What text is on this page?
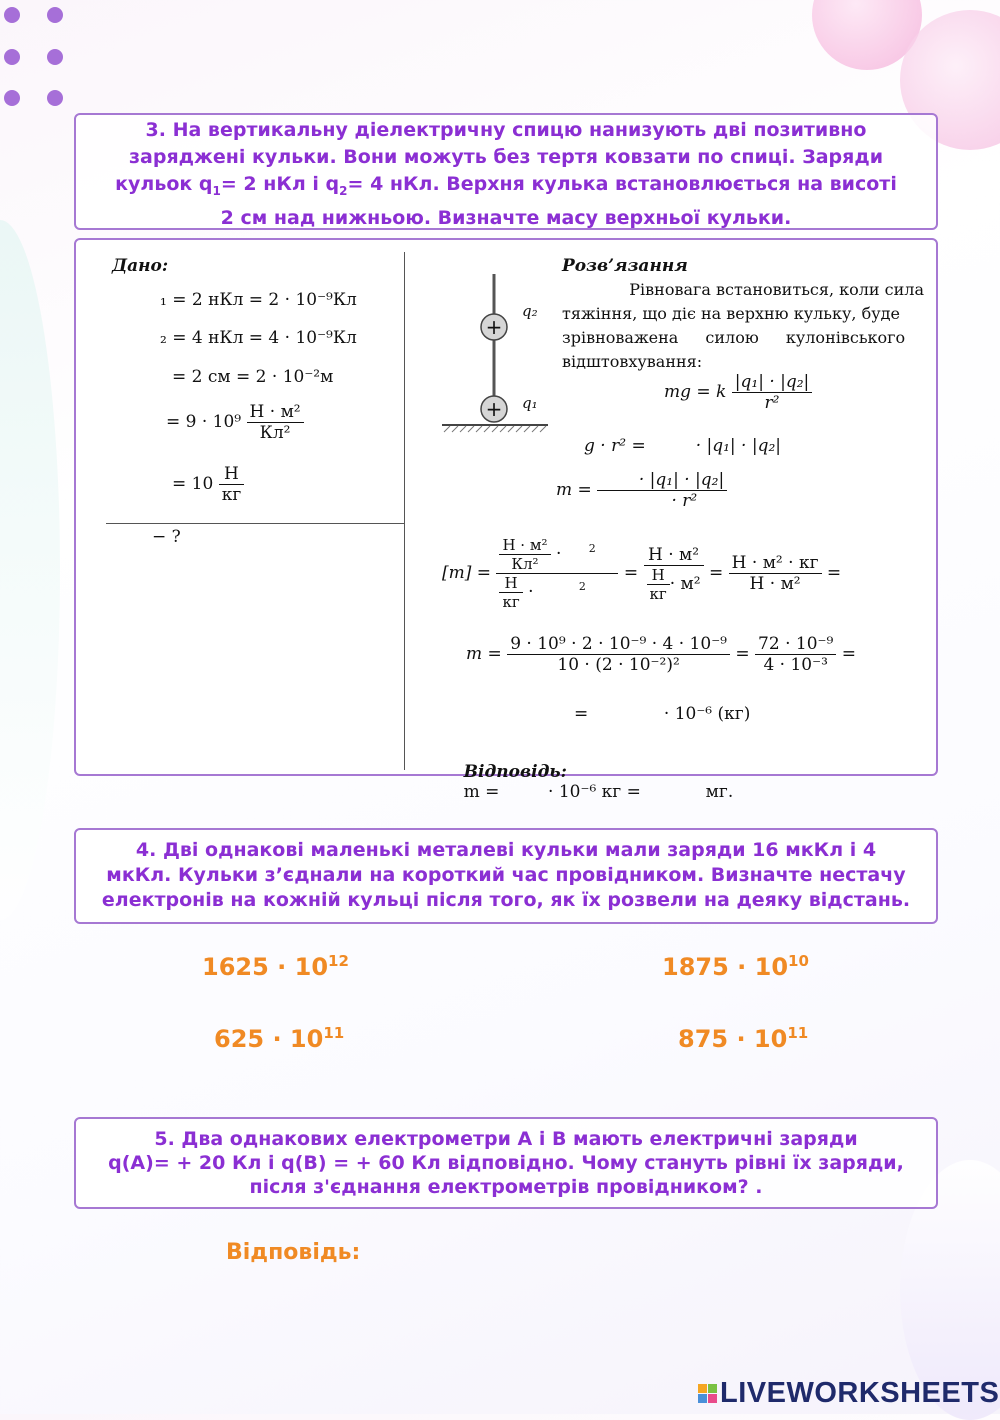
3. На вертикальну діелектричну спицю нанизують дві позитивно
заряджені кульки. Вони можуть без тертя ковзати по спиці. Заряди
кульок $q_1= 2$ нКл і $q_2= 4$ нКл. Верхня кулька встановлюється на висоті
2 см над нижньою. Визначте масу верхньої кульки.
Дано:
₁ = 2 нКл = 2 · 10⁻⁹Кл
₂ = 4 нКл = 4 · 10⁻⁹Кл
= 2 см = 2 · 10⁻²м
= $9 \cdot 10^9 \frac{\text{Н · м²}}{\text{Кл²}}$
= $10 \frac{Н}{кг}$
− ?
+
+
q₂
q₁
Розв’язання
Рівновага встановиться, коли сила
тяжіння, що діє на верхню кульку, буде
зрівноважена силою кулонівського
відштовхування:
mg = k $\frac{\text{|q₁| · |q₂|}}{\text{r²}}$
g · r² =	· |q₁| · |q₂|
$m = \frac{\text{· |q₁| · |q₂|}}{\text{· r²}}$
$[m] = \frac{\text{Н · м²}}{\text{Кл²}} \cdot ^2$
$\frac{Н}{кг}$ ·	$^2 = \frac{\text{Н · м²}}{\frac{Н}{кг} \cdot м^2} = \frac{\text{Н · м² · кг}}{\text{Н · м²}}$ =
$m = \frac{\text{9 · 10⁹ · 2 · 10⁻⁹ · 4 · 10⁻⁹}}{\text{10 · (2 · 10⁻²)²}} = \frac{\text{72 · 10⁻⁹}}{\text{4 · 10⁻³}}$ =
=              · 10⁻⁶ (кг)

Відповідь:
m =         · 10⁻⁶ кг =            мг.

4. Дві однакові маленькі металеві кульки мали заряди 16 мкКл і 4
мкКл. Кульки з’єднали на короткий час провідником. Визначте нестачу
електронів на кожній кульці після того, як їх розвели на деяку відстань.
$1625 \cdot 10^{12}$	$1875 \cdot 10^{10}$
$625 \cdot 10^{11}$	$875 \cdot 10^{11}$
5. Два однакових електрометри A і B мають електричні заряди
q(A)= + 20 Кл і q(B) = + 60 Кл відповідно. Чому стануть рівні їх заряди,
після з'єднання електрометрів провідником? .
Відповідь:
LIVEWORKSHEETS
